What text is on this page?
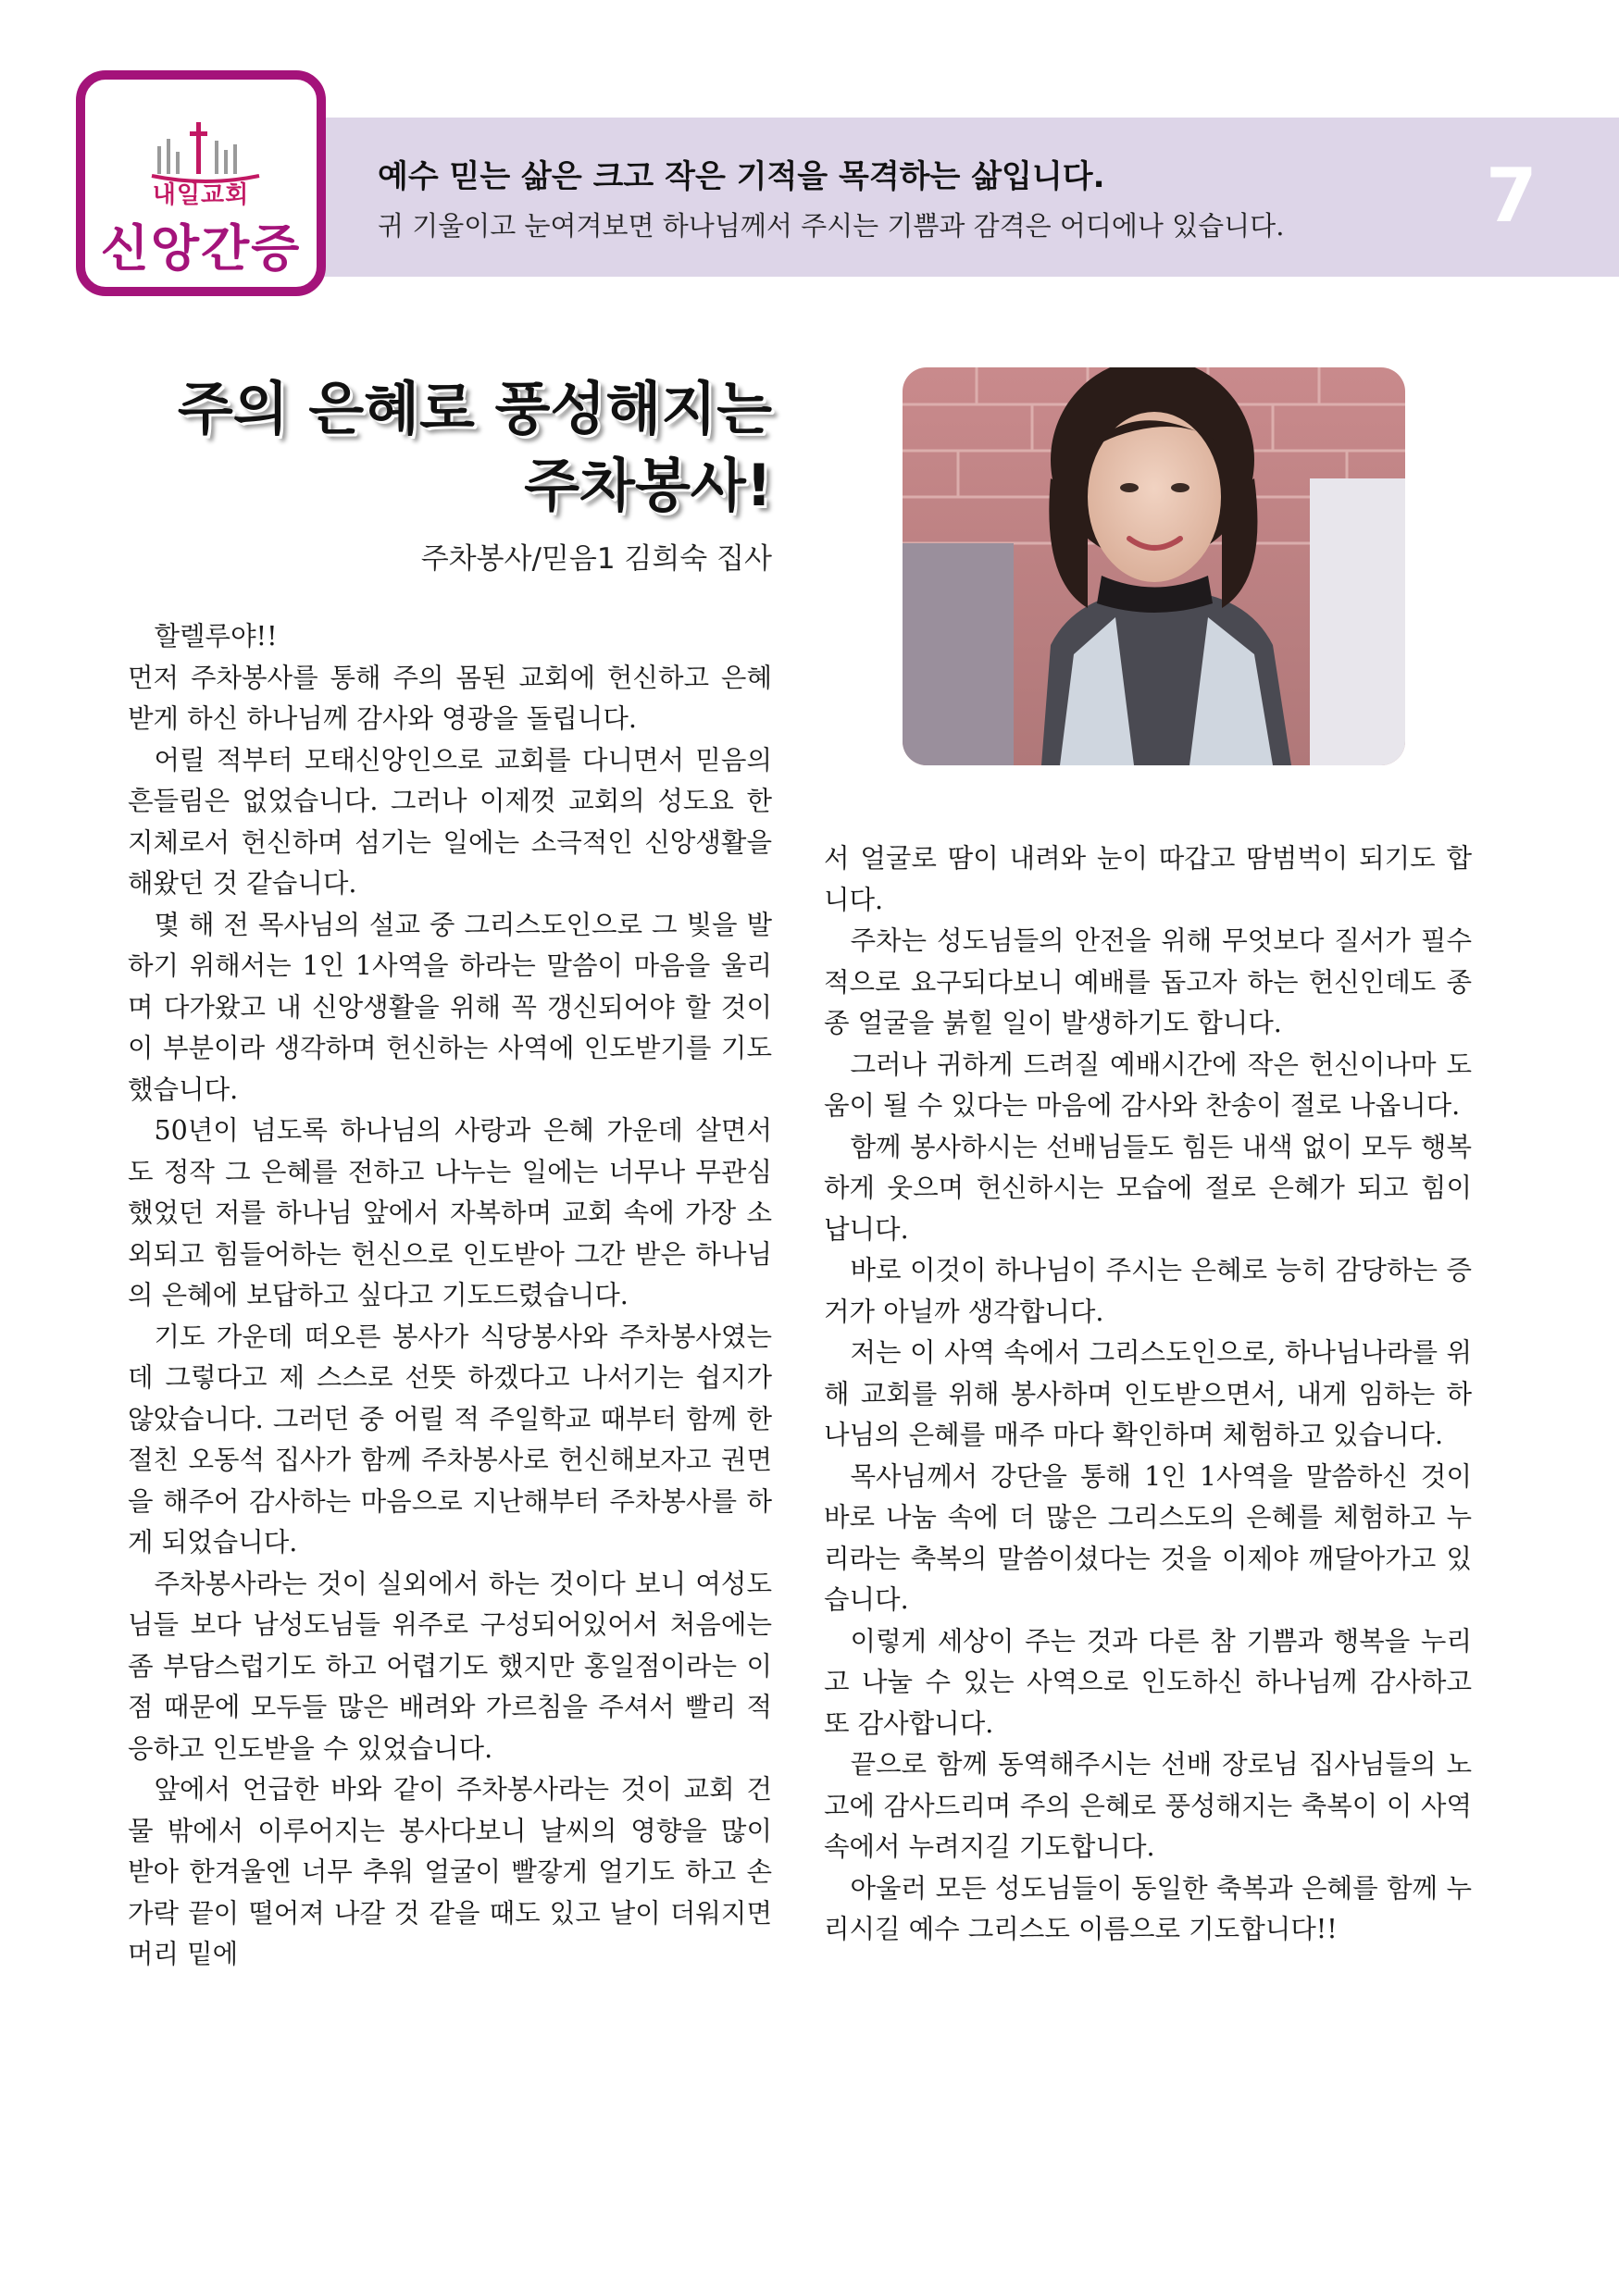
내일교회
신앙간증
예수 믿는 삶은 크고 작은 기적을 목격하는 삶입니다.
귀 기울이고 눈여겨보면 하나님께서 주시는 기쁨과 감격은 어디에나 있습니다.	7
주의 은혜로 풍성해지는
주차봉사!
주차봉사/믿음1 김희숙 집사

할렐루야!!

먼저 주차봉사를 통해 주의 몸된 교회에 헌신하고 은혜 받게 하신 하나님께 감사와 영광을 돌립니다.

어릴 적부터 모태신앙인으로 교회를 다니면서 믿음의 흔들림은 없었습니다. 그러나 이제껏 교회의 성도요 한 지체로서 헌신하며 섬기는 일에는 소극적인 신앙생활을 해왔던 것 같습니다.

몇 해 전 목사님의 설교 중 그리스도인으로 그 빛을 발하기 위해서는 1인 1사역을 하라는 말씀이 마음을 울리며 다가왔고 내 신앙생활을 위해 꼭 갱신되어야 할 것이 이 부분이라 생각하며 헌신하는 사역에 인도받기를 기도했습니다.

50년이 넘도록 하나님의 사랑과 은혜 가운데 살면서도 정작 그 은혜를 전하고 나누는 일에는 너무나 무관심했었던 저를 하나님 앞에서 자복하며 교회 속에 가장 소외되고 힘들어하는 헌신으로 인도받아 그간 받은 하나님의 은혜에 보답하고 싶다고 기도드렸습니다.

기도 가운데 떠오른 봉사가 식당봉사와 주차봉사였는데 그렇다고 제 스스로 선뜻 하겠다고 나서기는 쉽지가 않았습니다. 그러던 중 어릴 적 주일학교 때부터 함께 한 절친 오동석 집사가 함께 주차봉사로 헌신해보자고 권면을 해주어 감사하는 마음으로 지난해부터 주차봉사를 하게 되었습니다.

주차봉사라는 것이 실외에서 하는 것이다 보니 여성도님들 보다 남성도님들 위주로 구성되어있어서 처음에는 좀 부담스럽기도 하고 어렵기도 했지만 홍일점이라는 이점 때문에 모두들 많은 배려와 가르침을 주셔서 빨리 적응하고 인도받을 수 있었습니다.

앞에서 언급한 바와 같이 주차봉사라는 것이 교회 건물 밖에서 이루어지는 봉사다보니 날씨의 영향을 많이 받아 한겨울엔 너무 추워 얼굴이 빨갛게 얼기도 하고 손가락 끝이 떨어져 나갈 것 같을 때도 있고 날이 더워지면 머리 밑에

서 얼굴로 땀이 내려와 눈이 따갑고 땀범벅이 되기도 합니다.

주차는 성도님들의 안전을 위해 무엇보다 질서가 필수적으로 요구되다보니 예배를 돕고자 하는 헌신인데도 종종 얼굴을 붉힐 일이 발생하기도 합니다.

그러나 귀하게 드려질 예배시간에 작은 헌신이나마 도움이 될 수 있다는 마음에 감사와 찬송이 절로 나옵니다.

함께 봉사하시는 선배님들도 힘든 내색 없이 모두 행복하게 웃으며 헌신하시는 모습에 절로 은혜가 되고 힘이 납니다.

바로 이것이 하나님이 주시는 은혜로 능히 감당하는 증거가 아닐까 생각합니다.

저는 이 사역 속에서 그리스도인으로, 하나님나라를 위해 교회를 위해 봉사하며 인도받으면서, 내게 임하는 하나님의 은혜를 매주 마다 확인하며 체험하고 있습니다.

목사님께서 강단을 통해 1인 1사역을 말씀하신 것이 바로 나눔 속에 더 많은 그리스도의 은혜를 체험하고 누리라는 축복의 말씀이셨다는 것을 이제야 깨달아가고 있습니다.

이렇게 세상이 주는 것과 다른 참 기쁨과 행복을 누리고 나눌 수 있는 사역으로 인도하신 하나님께 감사하고 또 감사합니다.

끝으로 함께 동역해주시는 선배 장로님 집사님들의 노고에 감사드리며 주의 은혜로 풍성해지는 축복이 이 사역 속에서 누려지길 기도합니다.

아울러 모든 성도님들이 동일한 축복과 은혜를 함께 누리시길 예수 그리스도 이름으로 기도합니다!!
